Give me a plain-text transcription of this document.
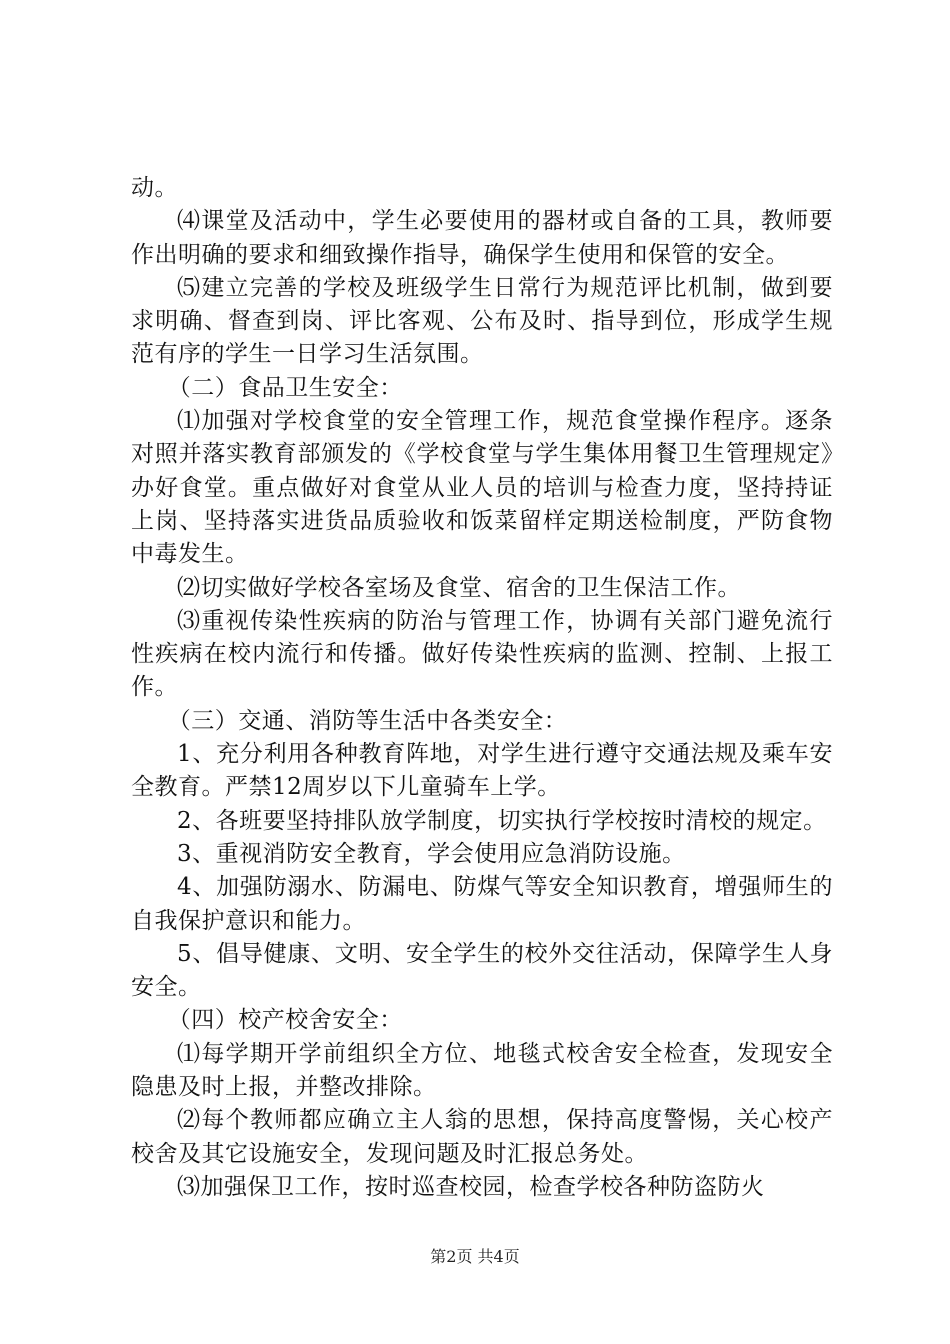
动。

⑷课堂及活动中，学生必要使用的器材或自备的工具，教师要作出明确的要求和细致操作指导，确保学生使用和保管的安全。

⑸建立完善的学校及班级学生日常行为规范评比机制，做到要求明确、督查到岗、评比客观、公布及时、指导到位，形成学生规范有序的学生一日学习生活氛围。

（二）食品卫生安全：

⑴加强对学校食堂的安全管理工作，规范食堂操作程序。逐条对照并落实教育部颁发的《学校食堂与学生集体用餐卫生管理规定》办好食堂。重点做好对食堂从业人员的培训与检查力度，坚持持证上岗、坚持落实进货品质验收和饭菜留样定期送检制度，严防食物中毒发生。

⑵切实做好学校各室场及食堂、宿舍的卫生保洁工作。

⑶重视传染性疾病的防治与管理工作，协调有关部门避免流行性疾病在校内流行和传播。做好传染性疾病的监测、控制、上报工作。

（三）交通、消防等生活中各类安全：

1、充分利用各种教育阵地，对学生进行遵守交通法规及乘车安全教育。严禁12周岁以下儿童骑车上学。

2、各班要坚持排队放学制度，切实执行学校按时清校的规定。

3、重视消防安全教育，学会使用应急消防设施。

4、加强防溺水、防漏电、防煤气等安全知识教育，增强师生的自我保护意识和能力。

5、倡导健康、文明、安全学生的校外交往活动，保障学生人身安全。

（四）校产校舍安全：

⑴每学期开学前组织全方位、地毯式校舍安全检查，发现安全隐患及时上报，并整改排除。

⑵每个教师都应确立主人翁的思想，保持高度警惕，关心校产校舍及其它设施安全，发现问题及时汇报总务处。

⑶加强保卫工作，按时巡查校园，检查学校各种防盗防火

第2页 共4页
